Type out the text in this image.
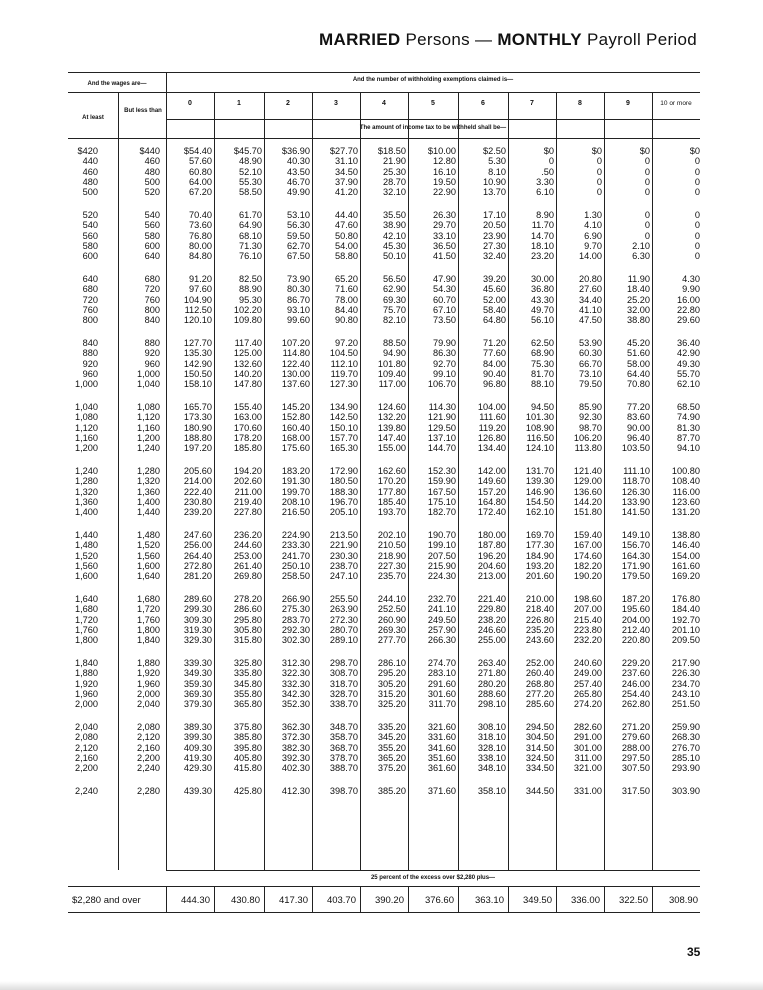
MARRIED Persons — MONTHLY Payroll Period
And the wages are—
And the number of withholding exemptions claimed is—
At least
But less than
The amount of income tax to be withheld shall be—
0	1	2	3	4	5	6	7	8	9	10 or more
$420	$440	$54.40	$45.70	$36.90	$27.70	$18.50	$10.00	$2.50	$0	$0	$0	$0
440	460	57.60	48.90	40.30	31.10	21.90	12.80	5.30	0	0	0	0
460	480	60.80	52.10	43.50	34.50	25.30	16.10	8.10	.50	0	0	0
480	500	64.00	55.30	46.70	37.90	28.70	19.50	10.90	3.30	0	0	0
500	520	67.20	58.50	49.90	41.20	32.10	22.90	13.70	6.10	0	0	0
520	540	70.40	61.70	53.10	44.40	35.50	26.30	17.10	8.90	1.30	0	0
540	560	73.60	64.90	56.30	47.60	38.90	29.70	20.50	11.70	4.10	0	0
560	580	76.80	68.10	59.50	50.80	42.10	33.10	23.90	14.70	6.90	0	0
580	600	80.00	71.30	62.70	54.00	45.30	36.50	27.30	18.10	9.70	2.10	0
600	640	84.80	76.10	67.50	58.80	50.10	41.50	32.40	23.20	14.00	6.30	0
640	680	91.20	82.50	73.90	65.20	56.50	47.90	39.20	30.00	20.80	11.90	4.30
680	720	97.60	88.90	80.30	71.60	62.90	54.30	45.60	36.80	27.60	18.40	9.90
720	760	104.90	95.30	86.70	78.00	69.30	60.70	52.00	43.30	34.40	25.20	16.00
760	800	112.50	102.20	93.10	84.40	75.70	67.10	58.40	49.70	41.10	32.00	22.80
800	840	120.10	109.80	99.60	90.80	82.10	73.50	64.80	56.10	47.50	38.80	29.60
840	880	127.70	117.40	107.20	97.20	88.50	79.90	71.20	62.50	53.90	45.20	36.40
880	920	135.30	125.00	114.80	104.50	94.90	86.30	77.60	68.90	60.30	51.60	42.90
920	960	142.90	132.60	122.40	112.10	101.80	92.70	84.00	75.30	66.70	58.00	49.30
960	1,000	150.50	140.20	130.00	119.70	109.40	99.10	90.40	81.70	73.10	64.40	55.70
1,000	1,040	158.10	147.80	137.60	127.30	117.00	106.70	96.80	88.10	79.50	70.80	62.10
1,040	1,080	165.70	155.40	145.20	134.90	124.60	114.30	104.00	94.50	85.90	77.20	68.50
1,080	1,120	173.30	163.00	152.80	142.50	132.20	121.90	111.60	101.30	92.30	83.60	74.90
1,120	1,160	180.90	170.60	160.40	150.10	139.80	129.50	119.20	108.90	98.70	90.00	81.30
1,160	1,200	188.80	178.20	168.00	157.70	147.40	137.10	126.80	116.50	106.20	96.40	87.70
1,200	1,240	197.20	185.80	175.60	165.30	155.00	144.70	134.40	124.10	113.80	103.50	94.10
1,240	1,280	205.60	194.20	183.20	172.90	162.60	152.30	142.00	131.70	121.40	111.10	100.80
1,280	1,320	214.00	202.60	191.30	180.50	170.20	159.90	149.60	139.30	129.00	118.70	108.40
1,320	1,360	222.40	211.00	199.70	188.30	177.80	167.50	157.20	146.90	136.60	126.30	116.00
1,360	1,400	230.80	219.40	208.10	196.70	185.40	175.10	164.80	154.50	144.20	133.90	123.60
1,400	1,440	239.20	227.80	216.50	205.10	193.70	182.70	172.40	162.10	151.80	141.50	131.20
1,440	1,480	247.60	236.20	224.90	213.50	202.10	190.70	180.00	169.70	159.40	149.10	138.80
1,480	1,520	256.00	244.60	233.30	221.90	210.50	199.10	187.80	177.30	167.00	156.70	146.40
1,520	1,560	264.40	253.00	241.70	230.30	218.90	207.50	196.20	184.90	174.60	164.30	154.00
1,560	1,600	272.80	261.40	250.10	238.70	227.30	215.90	204.60	193.20	182.20	171.90	161.60
1,600	1,640	281.20	269.80	258.50	247.10	235.70	224.30	213.00	201.60	190.20	179.50	169.20
1,640	1,680	289.60	278.20	266.90	255.50	244.10	232.70	221.40	210.00	198.60	187.20	176.80
1,680	1,720	299.30	286.60	275.30	263.90	252.50	241.10	229.80	218.40	207.00	195.60	184.40
1,720	1,760	309.30	295.80	283.70	272.30	260.90	249.50	238.20	226.80	215.40	204.00	192.70
1,760	1,800	319.30	305.80	292.30	280.70	269.30	257.90	246.60	235.20	223.80	212.40	201.10
1,800	1,840	329.30	315.80	302.30	289.10	277.70	266.30	255.00	243.60	232.20	220.80	209.50
1,840	1,880	339.30	325.80	312.30	298.70	286.10	274.70	263.40	252.00	240.60	229.20	217.90
1,880	1,920	349.30	335.80	322.30	308.70	295.20	283.10	271.80	260.40	249.00	237.60	226.30
1,920	1,960	359.30	345.80	332.30	318.70	305.20	291.60	280.20	268.80	257.40	246.00	234.70
1,960	2,000	369.30	355.80	342.30	328.70	315.20	301.60	288.60	277.20	265.80	254.40	243.10
2,000	2,040	379.30	365.80	352.30	338.70	325.20	311.70	298.10	285.60	274.20	262.80	251.50
2,040	2,080	389.30	375.80	362.30	348.70	335.20	321.60	308.10	294.50	282.60	271.20	259.90
2,080	2,120	399.30	385.80	372.30	358.70	345.20	331.60	318.10	304.50	291.00	279.60	268.30
2,120	2,160	409.30	395.80	382.30	368.70	355.20	341.60	328.10	314.50	301.00	288.00	276.70
2,160	2,200	419.30	405.80	392.30	378.70	365.20	351.60	338.10	324.50	311.00	297.50	285.10
2,200	2,240	429.30	415.80	402.30	388.70	375.20	361.60	348.10	334.50	321.00	307.50	293.90
2,240	2,280	439.30	425.80	412.30	398.70	385.20	371.60	358.10	344.50	331.00	317.50	303.90
25 percent of the excess over $2,280 plus—
$2,280 and over	444.30	430.80	417.30	403.70	390.20	376.60	363.10	349.50	336.00	322.50	308.90
35
